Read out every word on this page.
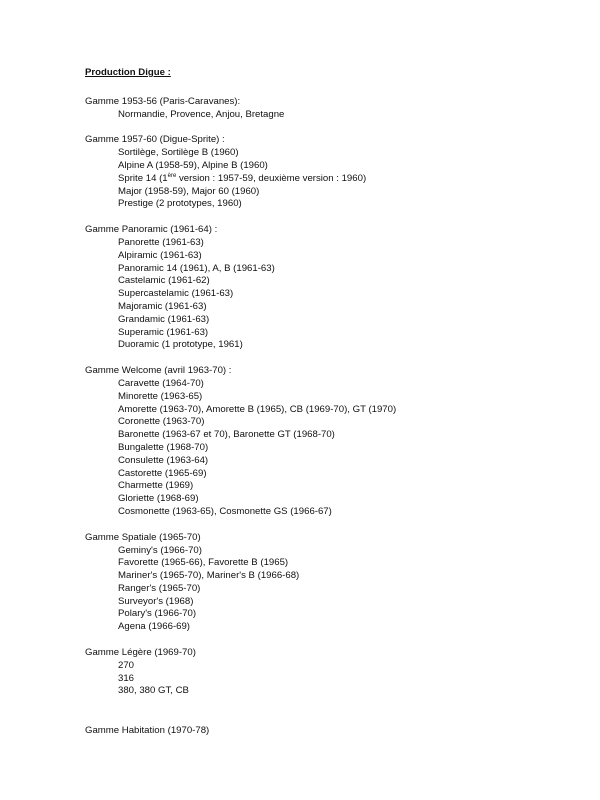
Production Digue :
Gamme 1953-56 (Paris-Caravanes):
Normandie, Provence, Anjou, Bretagne
Gamme 1957-60 (Digue-Sprite) :
Sortilège, Sortilège B (1960)
Alpine A (1958-59), Alpine B (1960)
Sprite 14 (1ère version : 1957-59, deuxième version : 1960)
Major (1958-59), Major 60 (1960)
Prestige (2 prototypes, 1960)
Gamme Panoramic (1961-64) :
Panorette (1961-63)
Alpiramic (1961-63)
Panoramic 14 (1961), A, B (1961-63)
Castelamic (1961-62)
Supercastelamic (1961-63)
Majoramic (1961-63)
Grandamic (1961-63)
Superamic (1961-63)
Duoramic (1 prototype, 1961)
Gamme Welcome (avril 1963-70) :
Caravette (1964-70)
Minorette (1963-65)
Amorette (1963-70), Amorette B (1965), CB (1969-70), GT (1970)
Coronette (1963-70)
Baronette (1963-67 et 70), Baronette GT (1968-70)
Bungalette (1968-70)
Consulette (1963-64)
Castorette (1965-69)
Charmette (1969)
Gloriette (1968-69)
Cosmonette (1963-65), Cosmonette GS (1966-67)
Gamme Spatiale (1965-70)
Geminy's (1966-70)
Favorette (1965-66), Favorette B (1965)
Mariner's (1965-70), Mariner's B (1966-68)
Ranger's (1965-70)
Surveyor's (1968)
Polary's (1966-70)
Agena (1966-69)
Gamme Légère (1969-70)
270
316
380, 380 GT, CB
Gamme Habitation (1970-78)
